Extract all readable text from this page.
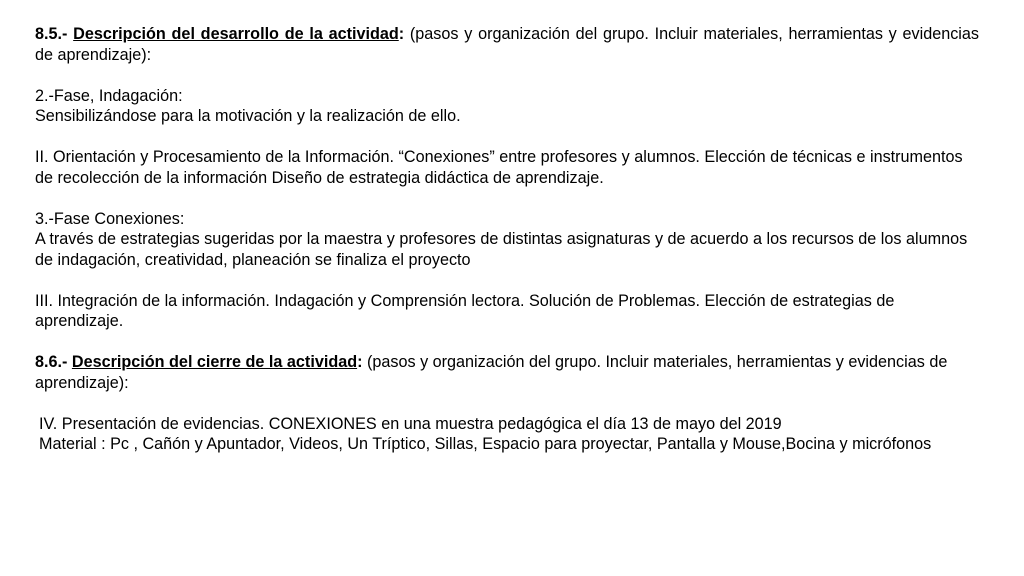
8.5.- Descripción del desarrollo de la actividad: (pasos y organización del grupo. Incluir materiales, herramientas y evidencias de aprendizaje):

2.-Fase, Indagación:

Sensibilizándose para la motivación y la realización de ello.

II. Orientación y Procesamiento de la Información. “Conexiones” entre profesores y alumnos. Elección de técnicas e instrumentos de recolección de la información Diseño de estrategia didáctica de aprendizaje.

3.-Fase Conexiones:

A través de estrategias sugeridas por la maestra y profesores de distintas asignaturas y de acuerdo a los recursos de los alumnos de indagación, creatividad, planeación se finaliza el proyecto

III. Integración de la información. Indagación y Comprensión lectora. Solución de Problemas. Elección de estrategias de aprendizaje.

8.6.- Descripción del cierre de la actividad: (pasos y organización del grupo. Incluir materiales, herramientas y evidencias de aprendizaje):

IV. Presentación de evidencias. CONEXIONES en una muestra pedagógica el día 13 de mayo del 2019

Material : Pc , Cañón y Apuntador, Videos, Un Tríptico, Sillas, Espacio para proyectar, Pantalla y Mouse,Bocina y micrófonos
